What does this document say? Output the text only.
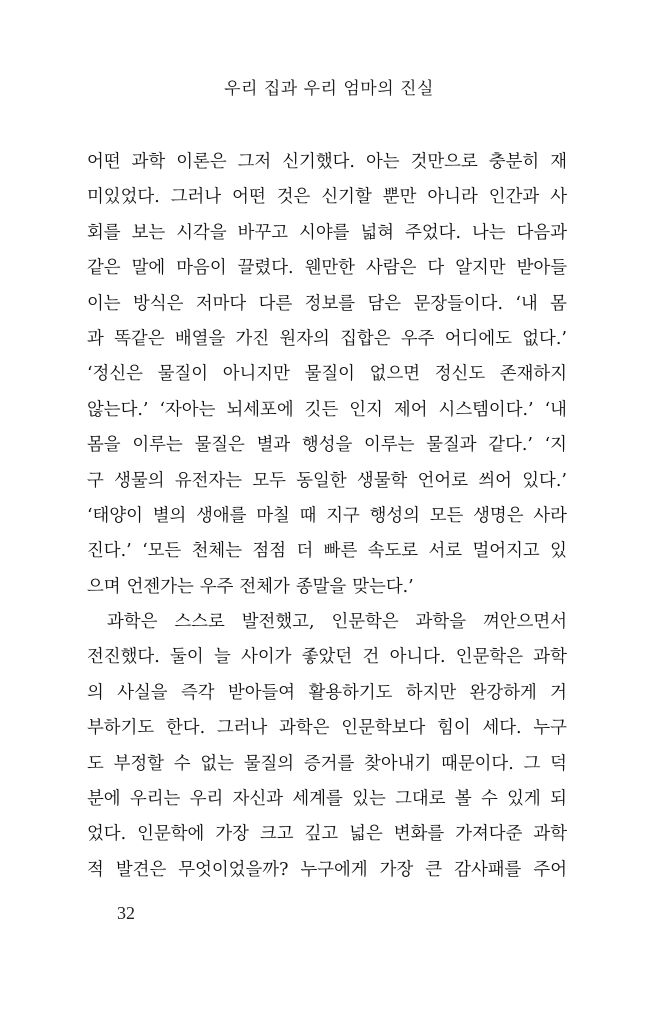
우리 집과 우리 엄마의 진실
어떤 과학 이론은 그저 신기했다. 아는 것만으로 충분히 재
미있었다. 그러나 어떤 것은 신기할 뿐만 아니라 인간과 사
회를 보는 시각을 바꾸고 시야를 넓혀 주었다. 나는 다음과
같은 말에 마음이 끌렸다. 웬만한 사람은 다 알지만 받아들
이는 방식은 저마다 다른 정보를 담은 문장들이다. ‘내 몸
과 똑같은 배열을 가진 원자의 집합은 우주 어디에도 없다.’
‘정신은 물질이 아니지만 물질이 없으면 정신도 존재하지
않는다.’ ‘자아는 뇌세포에 깃든 인지 제어 시스템이다.’ ‘내
몸을 이루는 물질은 별과 행성을 이루는 물질과 같다.’ ‘지
구 생물의 유전자는 모두 동일한 생물학 언어로 씌어 있다.’
‘태양이 별의 생애를 마칠 때 지구 행성의 모든 생명은 사라
진다.’ ‘모든 천체는 점점 더 빠른 속도로 서로 멀어지고 있
으며 언젠가는 우주 전체가 종말을 맞는다.’
과학은 스스로 발전했고, 인문학은 과학을 껴안으면서
전진했다. 둘이 늘 사이가 좋았던 건 아니다. 인문학은 과학
의 사실을 즉각 받아들여 활용하기도 하지만 완강하게 거
부하기도 한다. 그러나 과학은 인문학보다 힘이 세다. 누구
도 부정할 수 없는 물질의 증거를 찾아내기 때문이다. 그 덕
분에 우리는 우리 자신과 세계를 있는 그대로 볼 수 있게 되
었다. 인문학에 가장 크고 깊고 넓은 변화를 가져다준 과학
적 발견은 무엇이었을까? 누구에게 가장 큰 감사패를 주어
32
